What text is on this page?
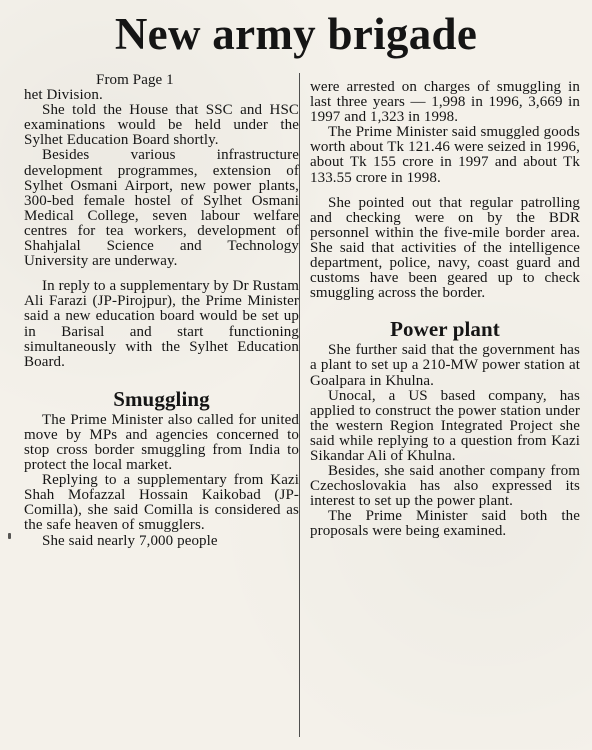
New army brigade

From Page 1

het Division.

She told the House that SSC and HSC examinations would be held under the Sylhet Education Board shortly.

Besides various infrastructure development programmes, extension of Sylhet Osmani Airport, new power plants, 300-bed female hostel of Sylhet Osmani Medical College, seven labour welfare centres for tea workers, development of Shahjalal Science and Technology University are underway.

In reply to a supplementary by Dr Rustam Ali Farazi (JP-Pirojpur), the Prime Minister said a new education board would be set up in Barisal and start functioning simultaneously with the Sylhet Education Board.

Smuggling

The Prime Minister also called for united move by MPs and agencies concerned to stop cross border smuggling from India to protect the local market.

Replying to a supplementary from Kazi Shah Mofazzal Hossain Kaikobad (JP-Comilla), she said Comilla is considered as the safe heaven of smugglers.

She said nearly 7,000 people

were arrested on charges of smuggling in last three years — 1,998 in 1996, 3,669 in 1997 and 1,323 in 1998.

The Prime Minister said smuggled goods worth about Tk 121.46 were seized in 1996, about Tk 155 crore in 1997 and about Tk 133.55 crore in 1998.

She pointed out that regular patrolling and checking were on by the BDR personnel within the five-mile border area. She said that activities of the intelligence department, police, navy, coast guard and customs have been geared up to check smuggling across the border.

Power plant

She further said that the government has a plant to set up a 210-MW power station at Goalpara in Khulna.

Unocal, a US based company, has applied to construct the power station under the western Region Integrated Project she said while replying to a question from Kazi Sikandar Ali of Khulna.

Besides, she said another company from Czechoslovakia has also expressed its interest to set up the power plant.

The Prime Minister said both the proposals were being examined.
